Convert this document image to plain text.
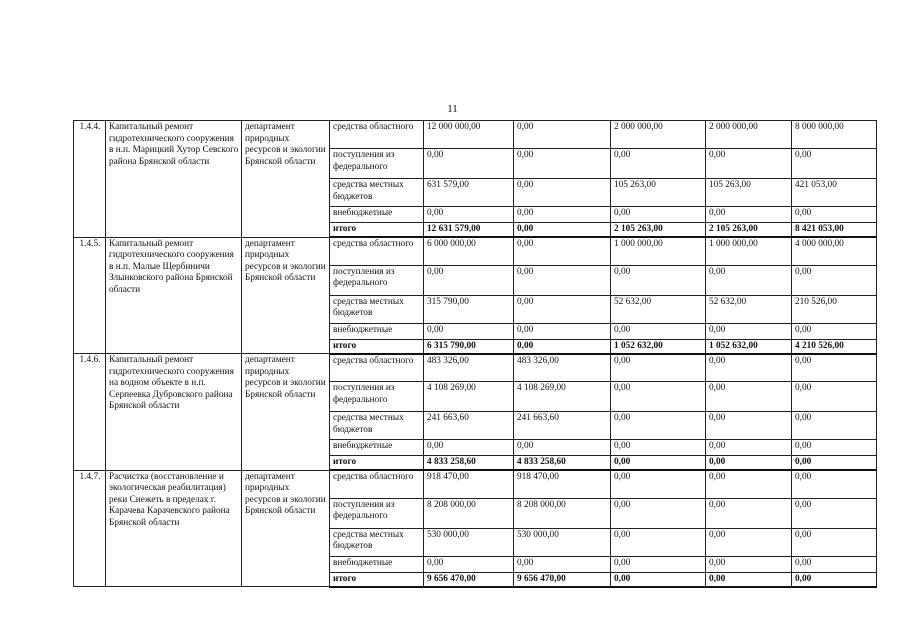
11
1.4.4.	Капитальный ремонт гидротехнического сооружения в н.п. Марицкий Хутор Севского района Брянской области	департамент природных ресурсов и экологии Брянской области	средства областного	12 000 000,00	0,00	2 000 000,00	2 000 000,00	8 000 000,00
			поступления из федерального	0,00	0,00	0,00	0,00	0,00
			средства местных бюджетов	631 579,00	0,00	105 263,00	105 263,00	421 053,00
			внебюджетные	0,00	0,00	0,00	0,00	0,00
			итого	12 631 579,00	0,00	2 105 263,00	2 105 263,00	8 421 053,00
1.4.5.	Капитальный ремонт гидротехнического сооружения в н.п. Малые Щербиничи Злынковского района Брянской области	департамент природных ресурсов и экологии Брянской области	средства областного	6 000 000,00	0,00	1 000 000,00	1 000 000,00	4 000 000,00
			поступления из федерального	0,00	0,00	0,00	0,00	0,00
			средства местных бюджетов	315 790,00	0,00	52 632,00	52 632,00	210 526,00
			внебюджетные	0,00	0,00	0,00	0,00	0,00
			итого	6 315 790,00	0,00	1 052 632,00	1 052 632,00	4 210 526,00
1.4.6.	Капитальный ремонт гидротехнического сооружения на водном объекте в н.п. Серпеевка Дубровского района Брянской области	департамент природных ресурсов и экологии Брянской области	средства областного	483 326,00	483 326,00	0,00	0,00	0,00
			поступления из федерального	4 108 269,00	4 108 269,00	0,00	0,00	0,00
			средства местных бюджетов	241 663,60	241 663,60	0,00	0,00	0,00
			внебюджетные	0,00	0,00	0,00	0,00	0,00
			итого	4 833 258,60	4 833 258,60	0,00	0,00	0,00
1.4.7.	Расчистка (восстановление и экологическая реабилитация) реки Снежеть в пределах г. Карачева Карачевского района Брянской области	департамент природных ресурсов и экологии Брянской области	средства областного	918 470,00	918 470,00	0,00	0,00	0,00
			поступления из федерального	8 208 000,00	8 208 000,00	0,00	0,00	0,00
			средства местных бюджетов	530 000,00	530 000,00	0,00	0,00	0,00
			внебюджетные	0,00	0,00	0,00	0,00	0,00
			итого	9 656 470,00	9 656 470,00	0,00	0,00	0,00
